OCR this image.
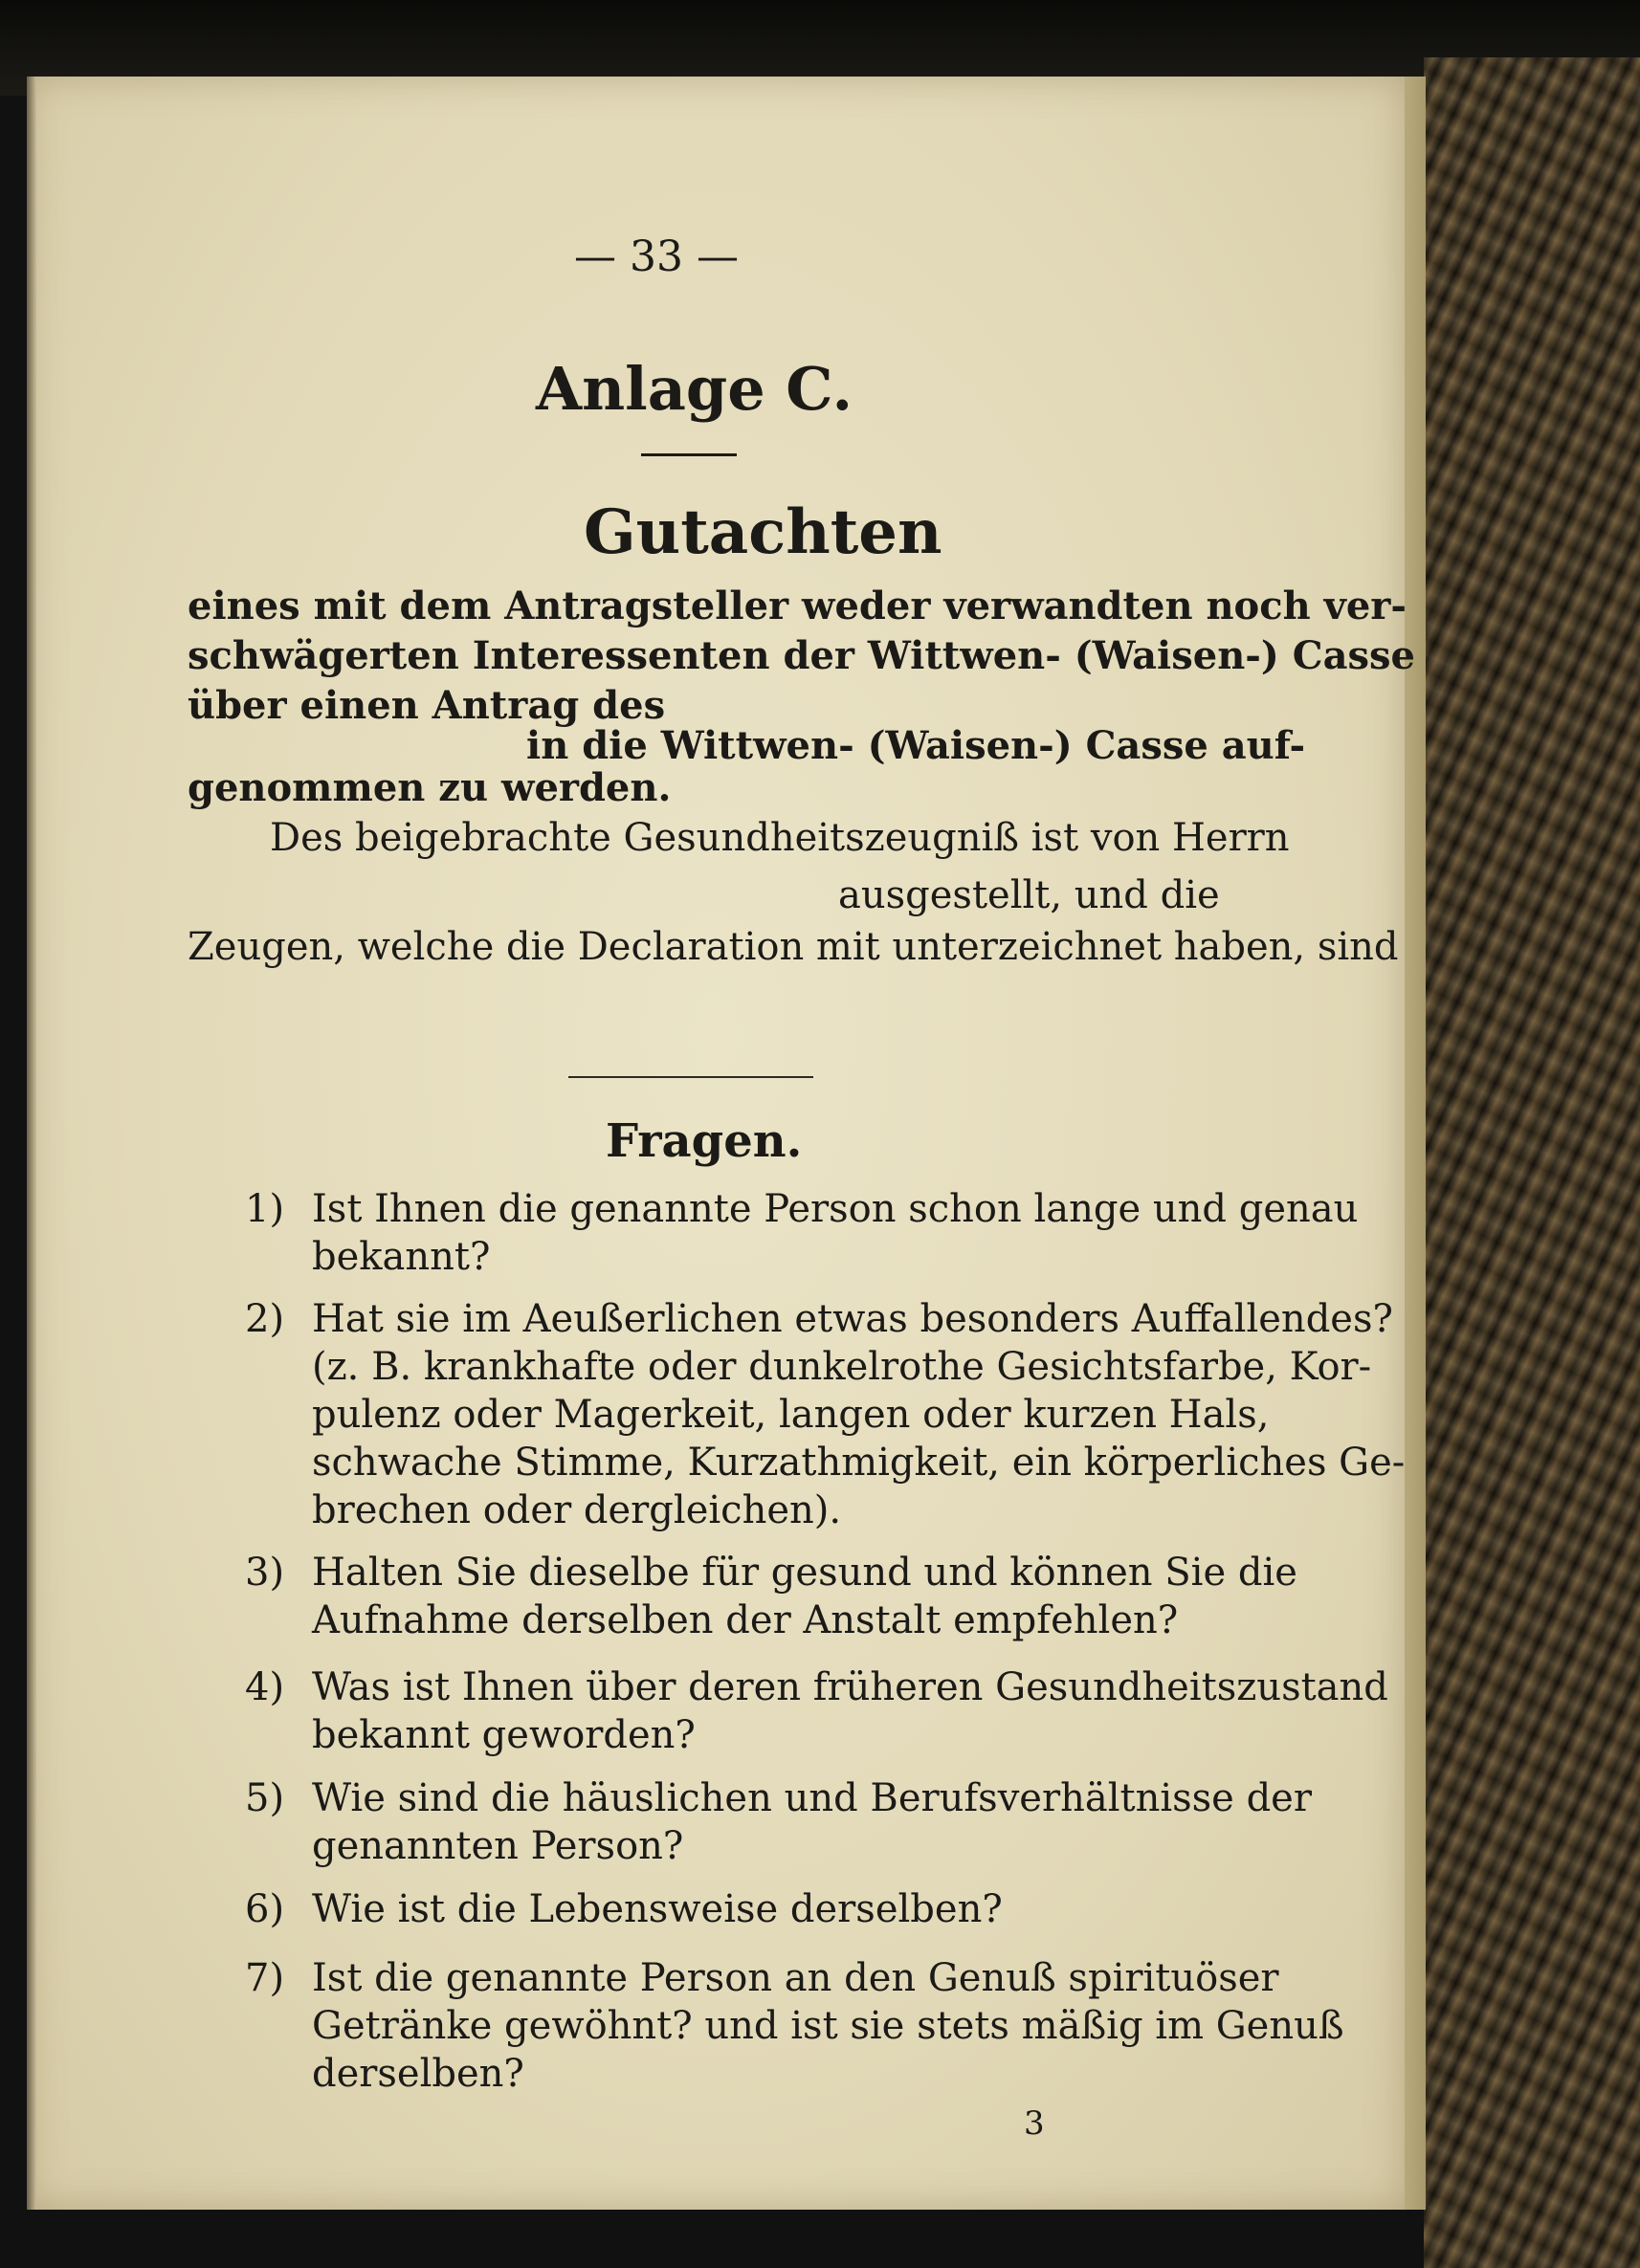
— 33 —
Anlage C.
Gutachten
eines mit dem Antragsteller weder verwandten noch ver-
schwägerten Interessenten der Wittwen- (Waisen-) Casse
über einen Antrag des
in die Wittwen- (Waisen-) Casse auf-
genommen zu werden.
Des beigebrachte Gesundheitszeugniß ist von Herrn
ausgestellt, und die
Zeugen, welche die Declaration mit unterzeichnet haben, sind
Fragen.
1) Ist Ihnen die genannte Person schon lange und genau
bekannt?
2) Hat sie im Aeußerlichen etwas besonders Auffallendes?
(z. B. krankhafte oder dunkelrothe Gesichtsfarbe, Kor-
pulenz oder Magerkeit, langen oder kurzen Hals,
schwache Stimme, Kurzathmigkeit, ein körperliches Ge-
brechen oder dergleichen).
3) Halten Sie dieselbe für gesund und können Sie die
Aufnahme derselben der Anstalt empfehlen?
4) Was ist Ihnen über deren früheren Gesundheitszustand
bekannt geworden?
5) Wie sind die häuslichen und Berufsverhältnisse der
genannten Person?
6) Wie ist die Lebensweise derselben?
7) Ist die genannte Person an den Genuß spirituöser
Getränke gewöhnt? und ist sie stets mäßig im Genuß
derselben?
3
